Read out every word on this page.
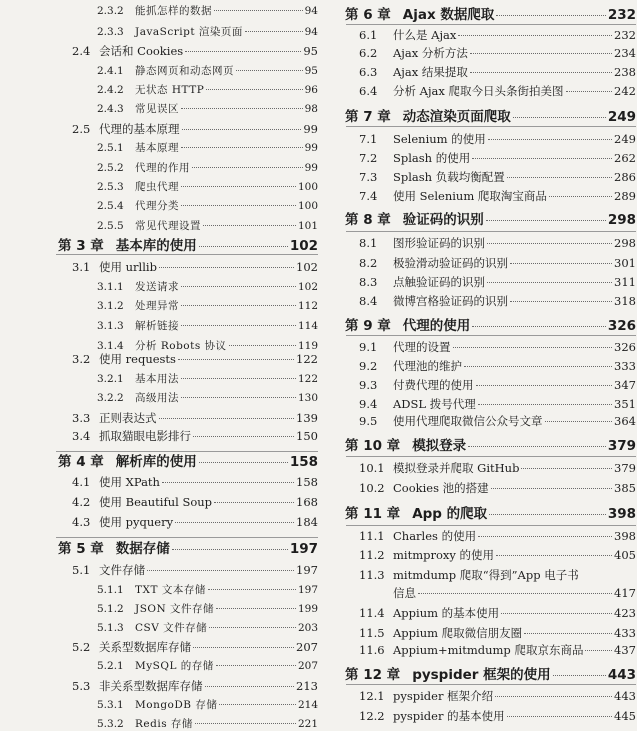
2.3.2	能抓怎样的数据	94
2.3.3	JavaScript 渲染页面	94
2.4 会话和 Cookies	95
2.4.1	静态网页和动态网页	95
2.4.2	无状态 HTTP	96
2.4.3	常见误区	98
2.5 代理的基本原理	99
2.5.1	基本原理	99
2.5.2	代理的作用	99
2.5.3	爬虫代理	100
2.5.4	代理分类	100
2.5.5	常见代理设置	101
第 3 章 基本库的使用	102
3.1 使用 urllib	102
3.1.1	发送请求	102
3.1.2	处理异常	112
3.1.3	解析链接	114
3.1.4	分析 Robots 协议	119
3.2 使用 requests	122
3.2.1	基本用法	122
3.2.2	高级用法	130
3.3 正则表达式	139
3.4 抓取猫眼电影排行	150
第 4 章 解析库的使用	158
4.1 使用 XPath	158
4.2 使用 Beautiful Soup	168
4.3 使用 pyquery	184
第 5 章 数据存储	197
5.1 文件存储	197
5.1.1	TXT 文本存储	197
5.1.2	JSON 文件存储	199
5.1.3	CSV 文件存储	203
5.2 关系型数据库存储	207
5.2.1	MySQL 的存储	207
5.3 非关系型数据库存储	213
5.3.1	MongoDB 存储	214
5.3.2	Redis 存储	221
第 6 章 Ajax 数据爬取	232
6.1	什么是 Ajax	232
6.2	Ajax 分析方法	234
6.3	Ajax 结果提取	238
6.4	分析 Ajax 爬取今日头条街拍美图	242
第 7 章 动态渲染页面爬取	249
7.1	Selenium 的使用	249
7.2	Splash 的使用	262
7.3	Splash 负载均衡配置	286
7.4	使用 Selenium 爬取淘宝商品	289
第 8 章 验证码的识别	298
8.1	图形验证码的识别	298
8.2	极验滑动验证码的识别	301
8.3	点触验证码的识别	311
8.4	微博宫格验证码的识别	318
第 9 章 代理的使用	326
9.1	代理的设置	326
9.2	代理池的维护	333
9.3	付费代理的使用	347
9.4	ADSL 拨号代理	351
9.5	使用代理爬取微信公众号文章	364
第 10 章 模拟登录	379
10.1 模拟登录并爬取 GitHub	379
10.2 Cookies 池的搭建	385
第 11 章 App 的爬取	398
11.1 Charles 的使用	398
11.2 mitmproxy 的使用	405
11.3 mitmdump 爬取“得到”App 电子书
信息	417
11.4 Appium 的基本使用	423
11.5 Appium 爬取微信朋友圈	433
11.6 Appium+mitmdump 爬取京东商品	437
第 12 章 pyspider 框架的使用	443
12.1 pyspider 框架介绍	443
12.2 pyspider 的基本使用	445
